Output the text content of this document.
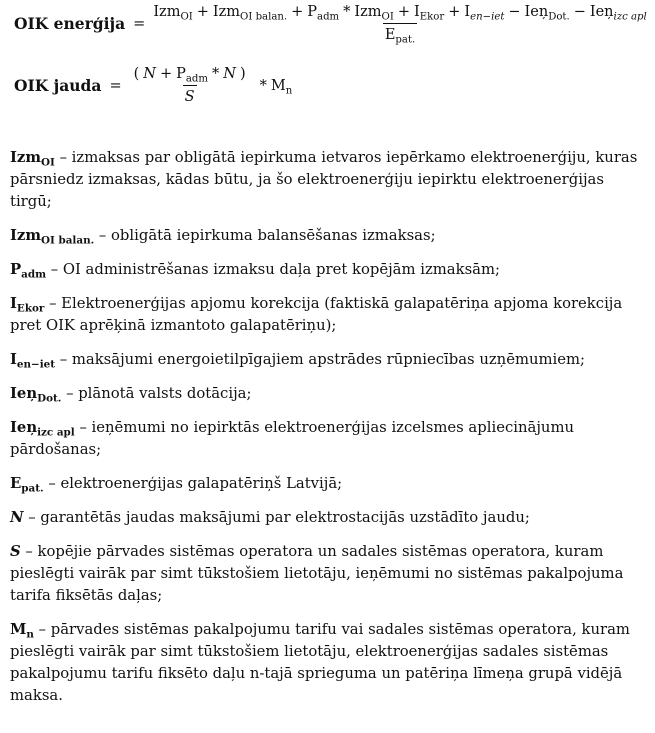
OIK enerģija =
$Izm_{OI} + Izm_{OI balan.} + P_{adm} * Izm_{OI} + I_{Ekor} + I_{en-iet}$ − Ieņ$_{Dot.}$ − Ieņ$_{izc apl}$
$E_{pat.}$
OIK jauda = $\frac{( N + P_{adm} * N )}{S} * M_n$

Izm$_{OI}$ – izmaksas par obligātā iepirkuma ietvaros iepērkamo elektroenerģiju, kuras pārsniedz izmaksas, kādas būtu, ja šo elektroenerģiju iepirktu elektroenerģijas tirgū;

Izm$_{OI balan.}$ – obligātā iepirkuma balansēšanas izmaksas;

$P_{adm}$ – OI administrēšanas izmaksu daļa pret kopējām izmaksām;

$I_{Ekor}$ – Elektroenerģijas apjomu korekcija (faktiskā galapatēriņa apjoma korekcija pret OIK aprēķinā izmantoto galapatēriņu);

$I_{en-iet}$ – maksājumi energoietilpīgajiem apstrādes rūpniecības uzņēmumiem;

Ieņ$_{Dot.}$ – plānotā valsts dotācija;

Ieņ$_{izc apl}$ – ieņēmumi no iepirktās elektroenerģijas izcelsmes apliecinājumu pārdošanas;

$E_{pat.}$ – elektroenerģijas galapatēriņš Latvijā;

N – garantētās jaudas maksājumi par elektrostacijās uzstādīto jaudu;

S – kopējie pārvades sistēmas operatora un sadales sistēmas operatora, kuram pieslēgti vairāk par simt tūkstošiem lietotāju, ieņēmumi no sistēmas pakalpojuma tarifa fiksētās daļas;

$M_n$ – pārvades sistēmas pakalpojumu tarifu vai sadales sistēmas operatora, kuram pieslēgti vairāk par simt tūkstošiem lietotāju, elektroenerģijas sadales sistēmas pakalpojumu tarifu fiksēto daļu n-tajā sprieguma un patēriņa līmeņa grupā vidējā maksa.
